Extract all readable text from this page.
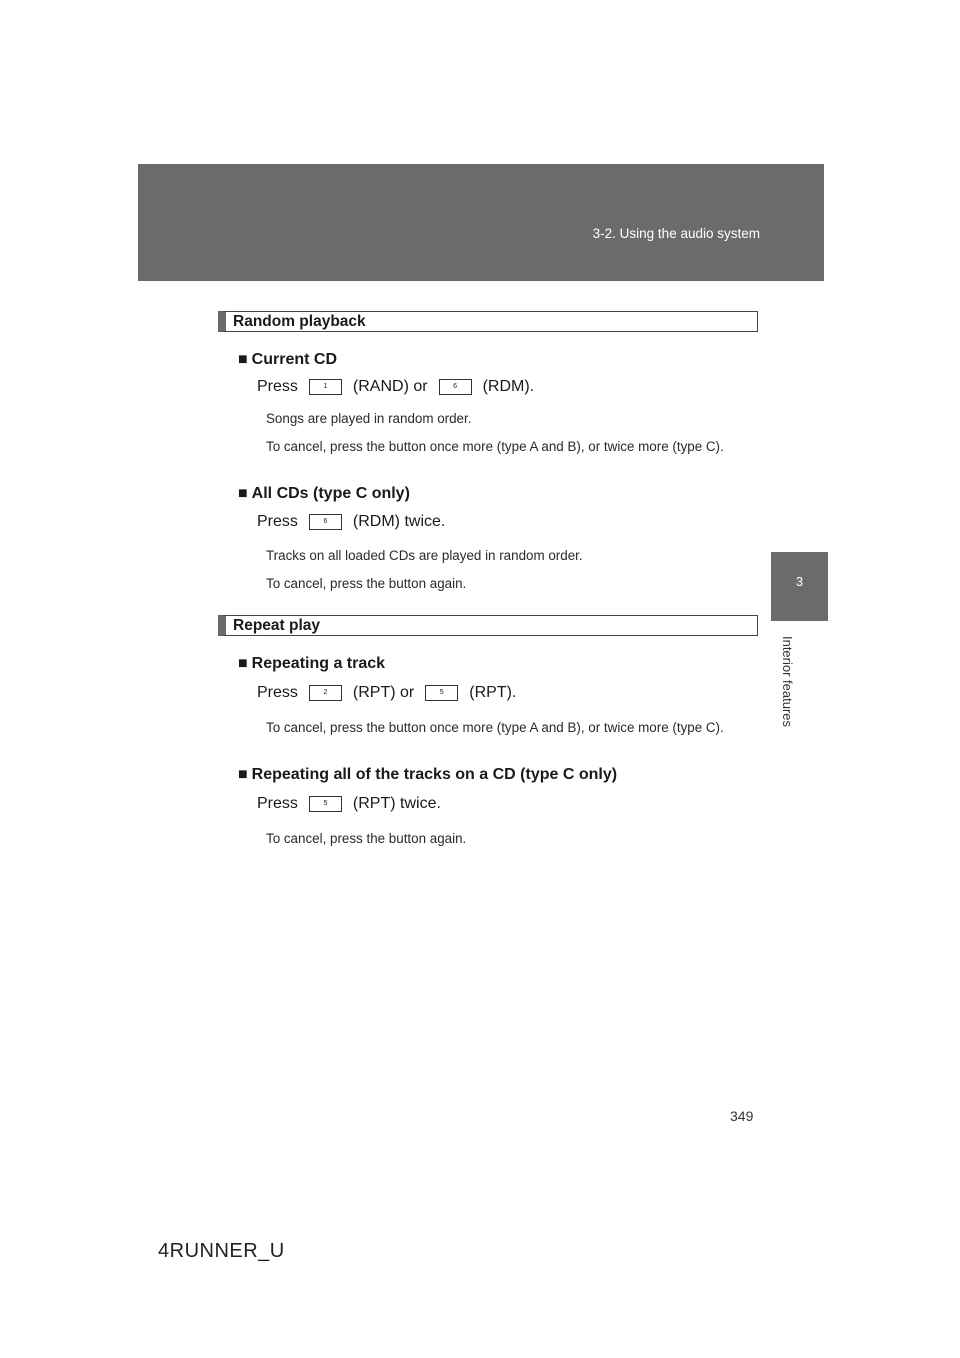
3-2. Using the audio system
3
Interior features
Random playback
■ Current CD
Press	1	(RAND) or	6	(RDM).
Songs are played in random order.
To cancel, press the button once more (type A and B), or twice more (type C).
■ All CDs (type C only)
Press	6	(RDM) twice.
Tracks on all loaded CDs are played in random order.
To cancel, press the button again.
Repeat play
■ Repeating a track
Press	2	(RPT) or	5	(RPT).
To cancel, press the button once more (type A and B), or twice more (type C).
■ Repeating all of the tracks on a CD (type C only)
Press	5	(RPT) twice.
To cancel, press the button again.
349
4RUNNER_U
